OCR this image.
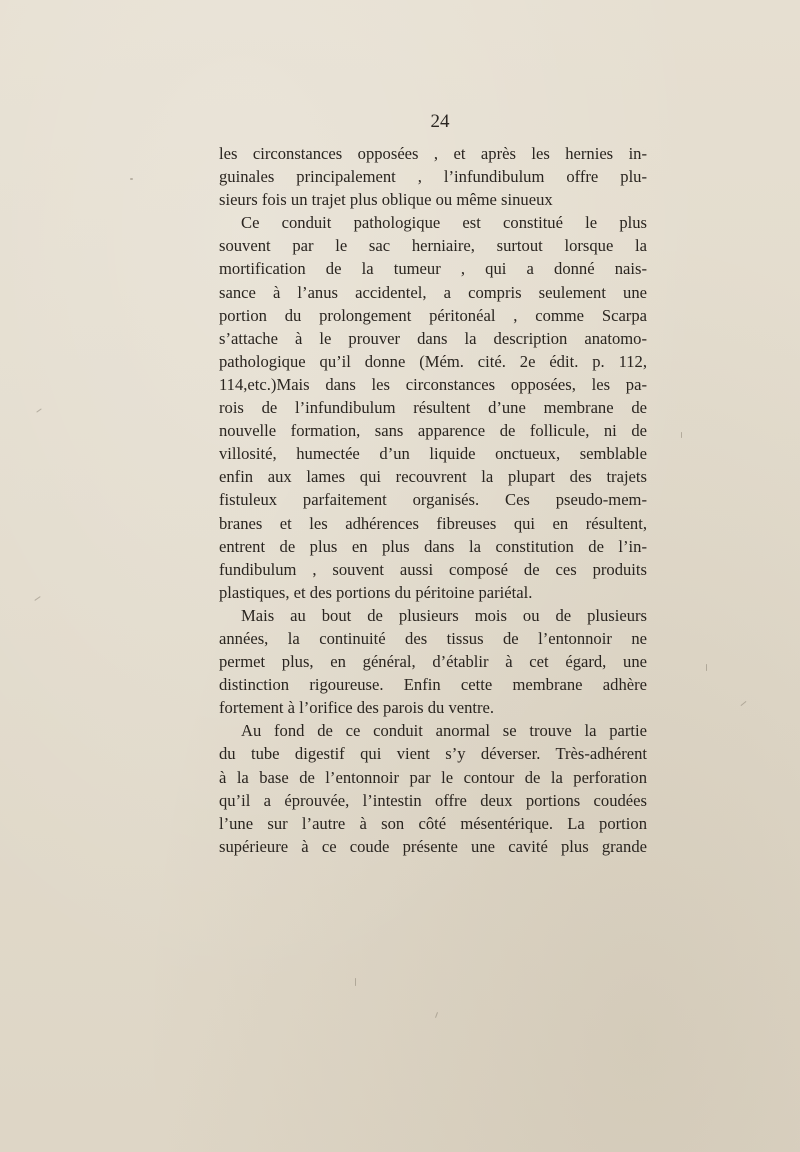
24
les circonstances opposées , et après les hernies in-
guinales principalement , l’infundibulum offre plu-
sieurs fois un trajet plus oblique ou même sinueux
Ce conduit pathologique est constitué le plus
souvent par le sac herniaire, surtout lorsque la
mortification de la tumeur , qui a donné nais-
sance à l’anus accidentel, a compris seulement une
portion du prolongement péritonéal , comme Scarpa
s’attache à le prouver dans la description anatomo-
pathologique qu’il donne (Mém. cité. 2e édit. p. 112,
114,etc.)Mais dans les circonstances opposées, les pa-
rois de l’infundibulum résultent d’une membrane de
nouvelle formation, sans apparence de follicule, ni de
villosité, humectée d’un liquide onctueux, semblable
enfin aux lames qui recouvrent la plupart des trajets
fistuleux parfaitement organisés. Ces pseudo-mem-
branes et les adhérences fibreuses qui en résultent,
entrent de plus en plus dans la constitution de l’in-
fundibulum , souvent aussi composé de ces produits
plastiques, et des portions du péritoine pariétal.
Mais au bout de plusieurs mois ou de plusieurs
années, la continuité des tissus de l’entonnoir ne
permet plus, en général, d’établir à cet égard, une
distinction rigoureuse. Enfin cette membrane adhère
fortement à l’orifice des parois du ventre.
Au fond de ce conduit anormal se trouve la partie
du tube digestif qui vient s’y déverser. Très-adhérent
à la base de l’entonnoir par le contour de la perforation
qu’il a éprouvée, l’intestin offre deux portions coudées
l’une sur l’autre à son côté mésentérique. La portion
supérieure à ce coude présente une cavité plus grande
